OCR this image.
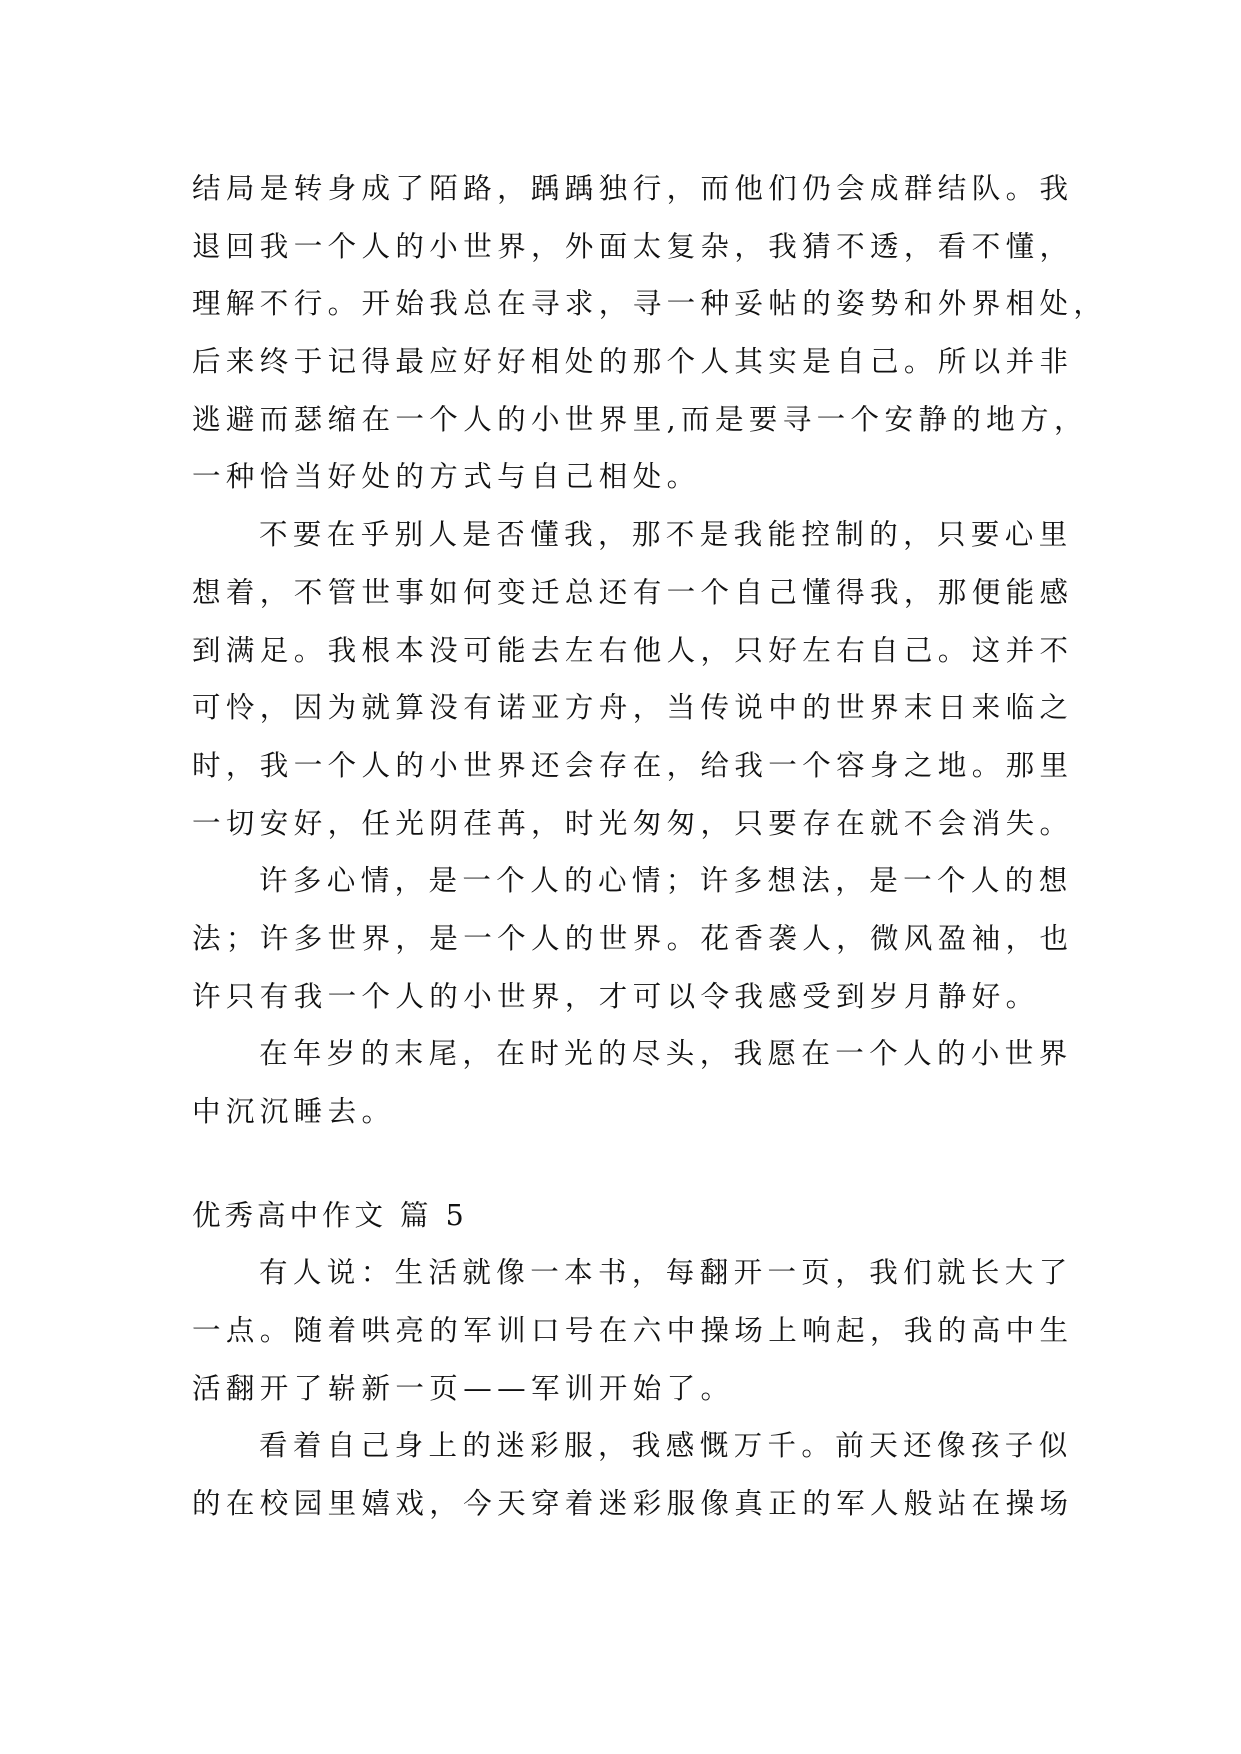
结局是转身成了陌路，踽踽独行，而他们仍会成群结队。我
退回我一个人的小世界，外面太复杂，我猜不透，看不懂，
理解不行。开始我总在寻求，寻一种妥帖的姿势和外界相处，
后来终于记得最应好好相处的那个人其实是自己。所以并非
逃避而瑟缩在一个人的小世界里,而是要寻一个安静的地方，
一种恰当好处的方式与自己相处。
不要在乎别人是否懂我，那不是我能控制的，只要心里
想着，不管世事如何变迁总还有一个自己懂得我，那便能感
到满足。我根本没可能去左右他人，只好左右自己。这并不
可怜，因为就算没有诺亚方舟，当传说中的世界末日来临之
时，我一个人的小世界还会存在，给我一个容身之地。那里
一切安好，任光阴荏苒，时光匆匆，只要存在就不会消失。
许多心情，是一个人的心情；许多想法，是一个人的想
法；许多世界，是一个人的世界。花香袭人，微风盈袖，也
许只有我一个人的小世界，才可以令我感受到岁月静好。
在年岁的末尾，在时光的尽头，我愿在一个人的小世界
中沉沉睡去。
优秀高中作文 篇 5
有人说：生活就像一本书，每翻开一页，我们就长大了
一点。随着哄亮的军训口号在六中操场上响起，我的高中生
活翻开了崭新一页——军训开始了。
看着自己身上的迷彩服，我感慨万千。前天还像孩子似
的在校园里嬉戏，今天穿着迷彩服像真正的军人般站在操场
